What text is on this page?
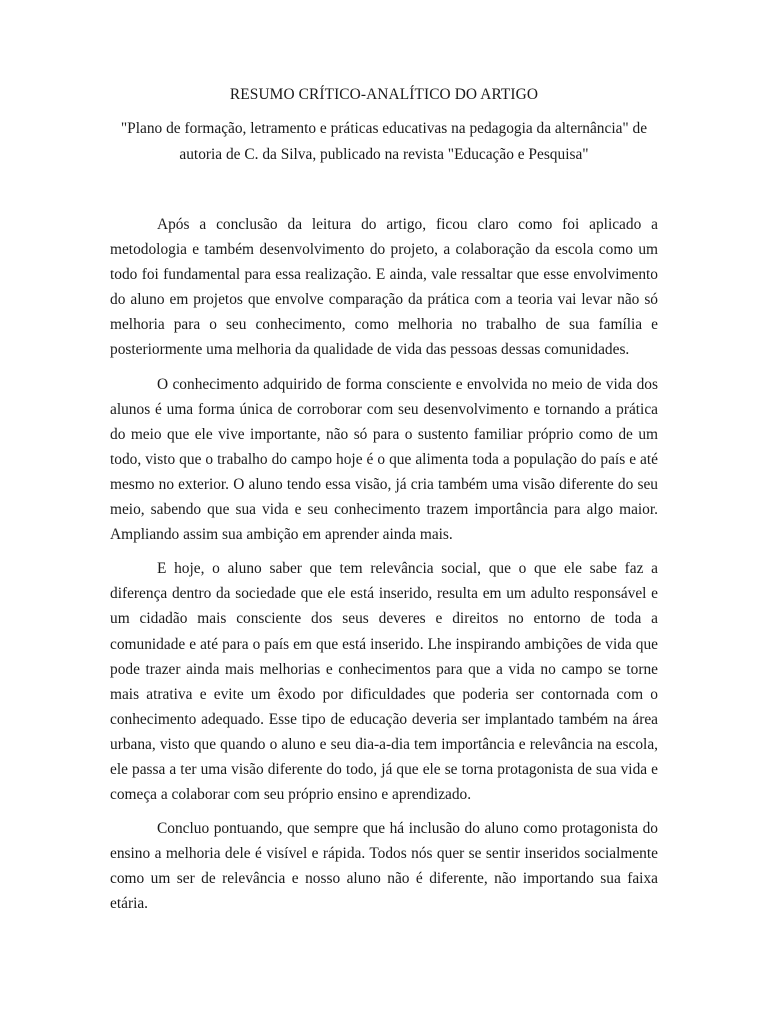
RESUMO CRÍTICO-ANALÍTICO DO ARTIGO

"Plano de formação, letramento e práticas educativas na pedagogia da alternância" de autoria de C. da Silva, publicado na revista "Educação e Pesquisa"

Após a conclusão da leitura do artigo, ficou claro como foi aplicado a metodologia e também desenvolvimento do projeto, a colaboração da escola como um todo foi fundamental para essa realização. E ainda, vale ressaltar que esse envolvimento do aluno em projetos que envolve comparação da prática com a teoria vai levar não só melhoria para o seu conhecimento, como melhoria no trabalho de sua família e posteriormente uma melhoria da qualidade de vida das pessoas dessas comunidades.

O conhecimento adquirido de forma consciente e envolvida no meio de vida dos alunos é uma forma única de corroborar com seu desenvolvimento e tornando a prática do meio que ele vive importante, não só para o sustento familiar próprio como de um todo, visto que o trabalho do campo hoje é o que alimenta toda a população do país e até mesmo no exterior. O aluno tendo essa visão, já cria também uma visão diferente do seu meio, sabendo que sua vida e seu conhecimento trazem importância para algo maior. Ampliando assim sua ambição em aprender ainda mais.

E hoje, o aluno saber que tem relevância social, que o que ele sabe faz a diferença dentro da sociedade que ele está inserido, resulta em um adulto responsável e um cidadão mais consciente dos seus deveres e direitos no entorno de toda a comunidade e até para o país em que está inserido. Lhe inspirando ambições de vida que pode trazer ainda mais melhorias e conhecimentos para que a vida no campo se torne mais atrativa e evite um êxodo por dificuldades que poderia ser contornada com o conhecimento adequado. Esse tipo de educação deveria ser implantado também na área urbana, visto que quando o aluno e seu dia-a-dia tem importância e relevância na escola, ele passa a ter uma visão diferente do todo, já que ele se torna protagonista de sua vida e começa a colaborar com seu próprio ensino e aprendizado.

Concluo pontuando, que sempre que há inclusão do aluno como protagonista do ensino a melhoria dele é visível e rápida. Todos nós quer se sentir inseridos socialmente como um ser de relevância e nosso aluno não é diferente, não importando sua faixa etária.
